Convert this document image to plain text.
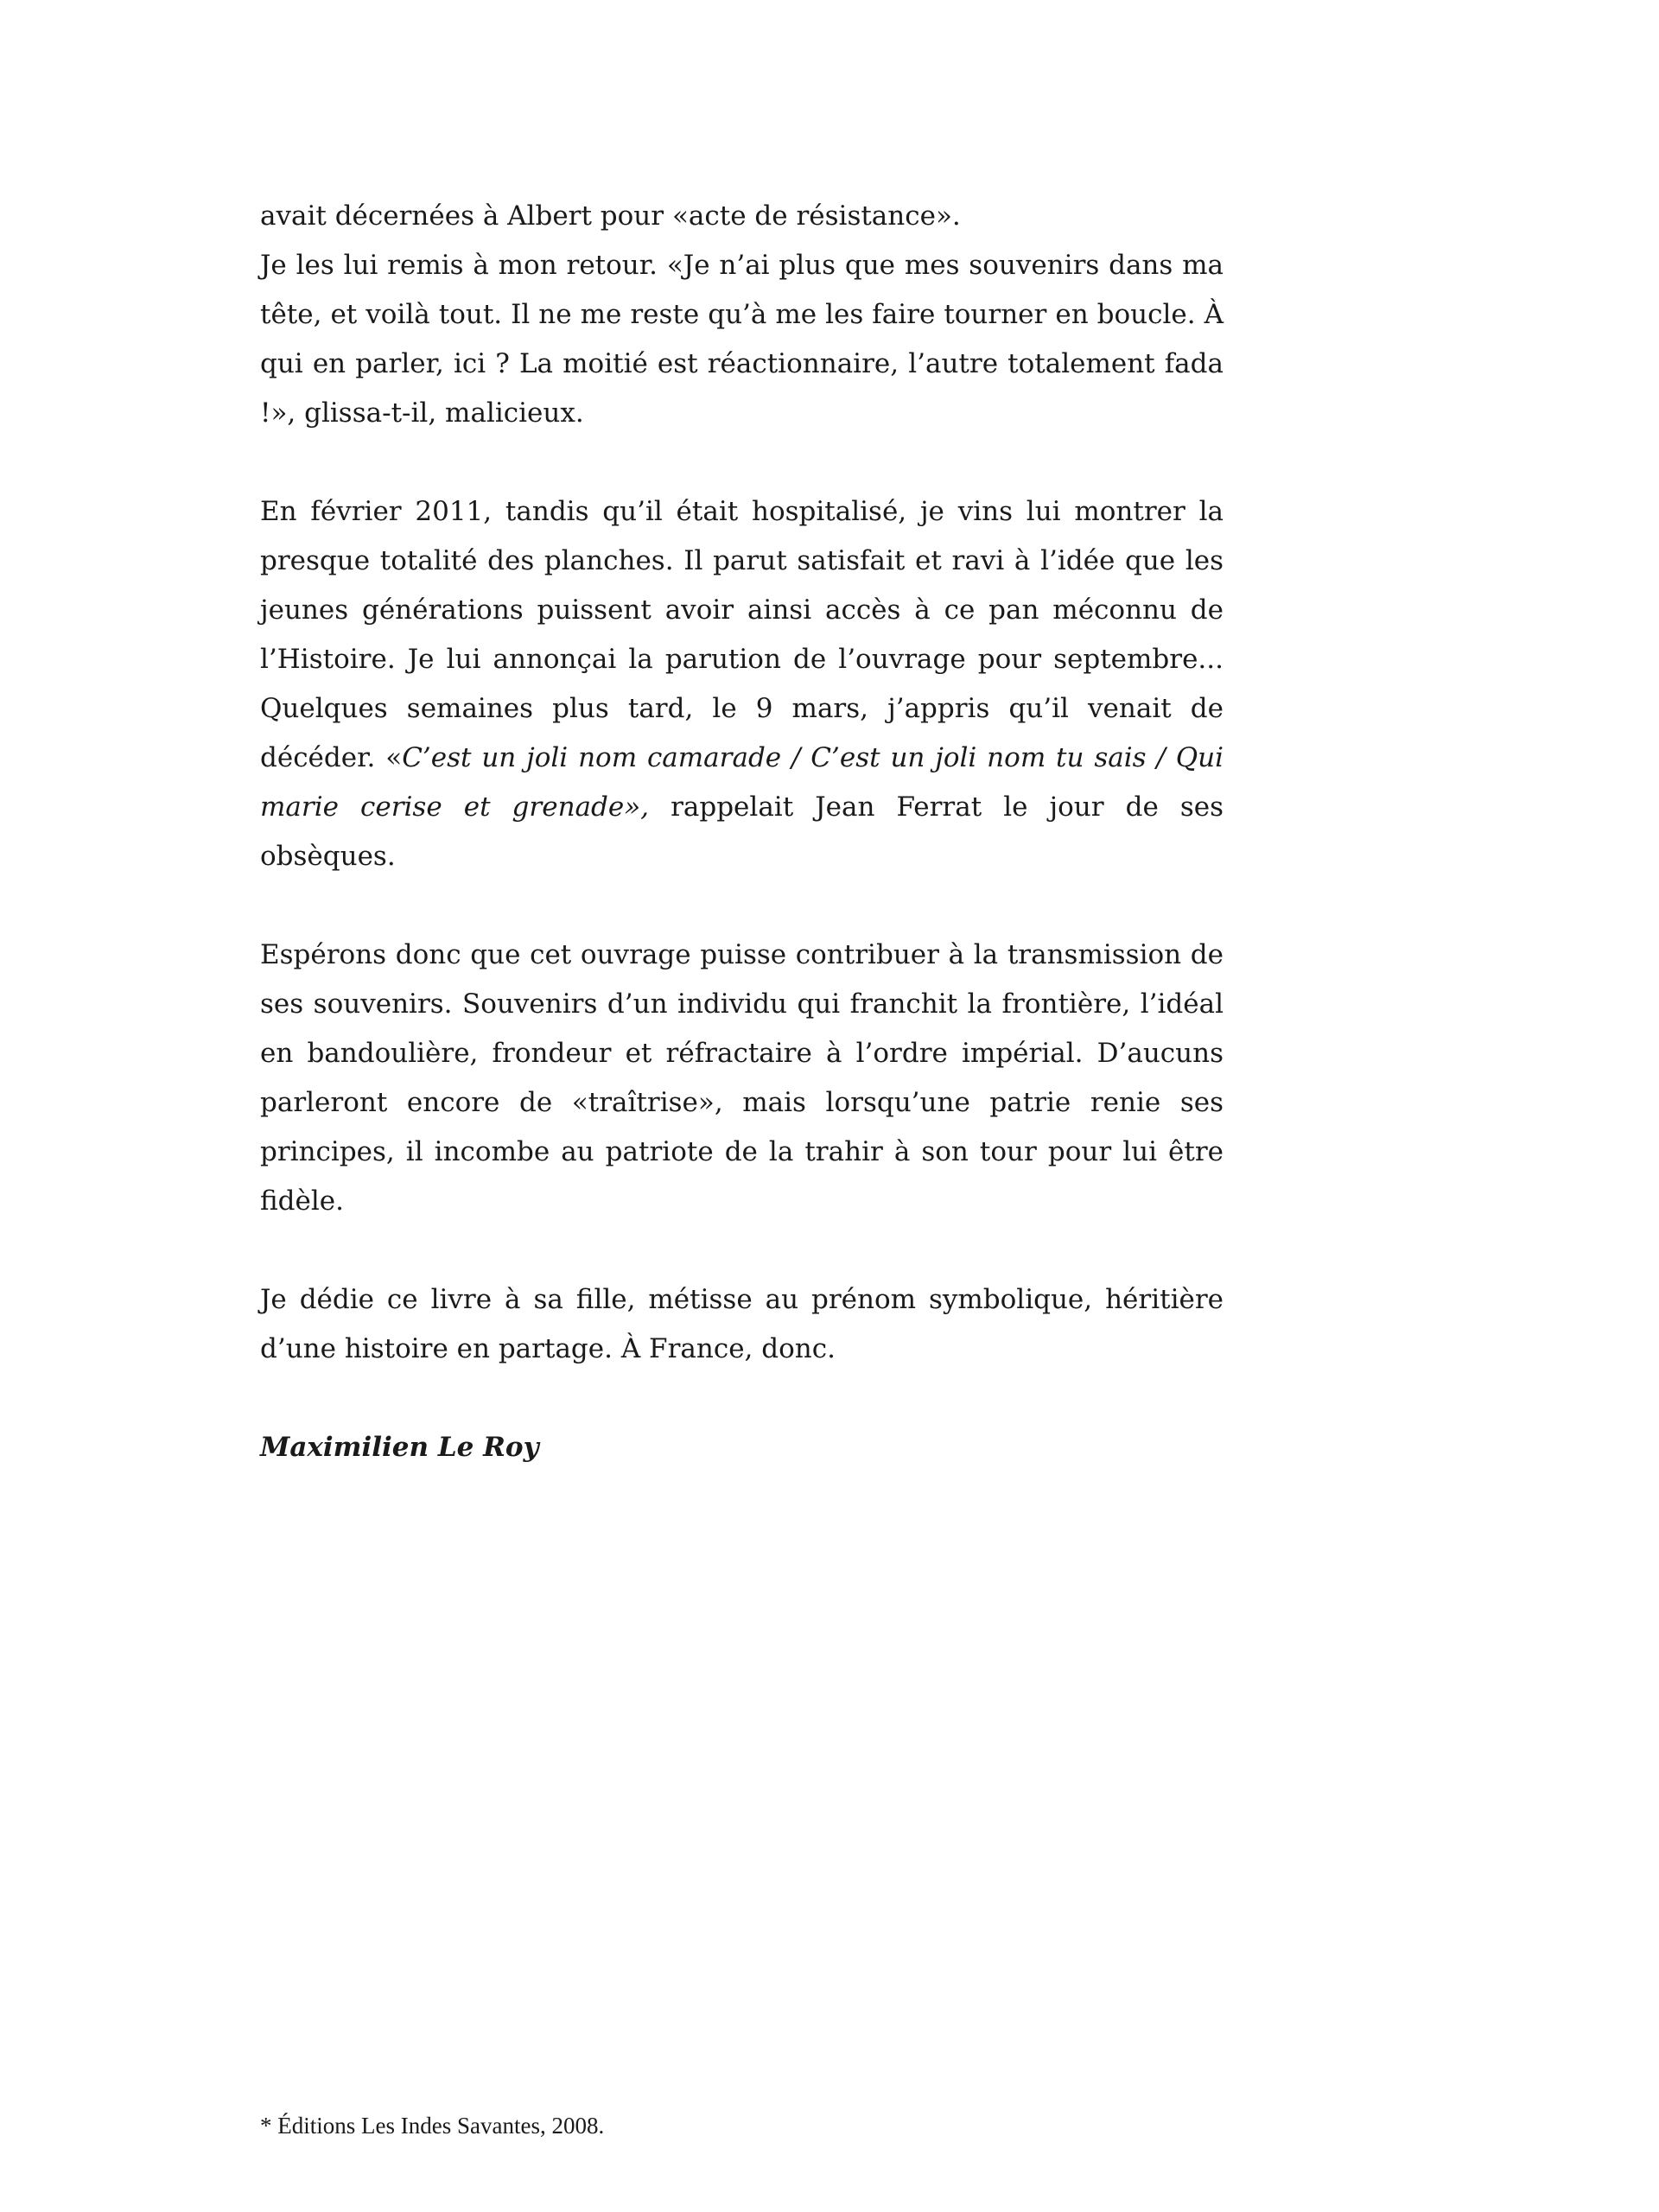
avait décernées à Albert pour «acte de résistance».

Je les lui remis à mon retour. «Je n’ai plus que mes souvenirs dans ma tête, et voilà tout. Il ne me reste qu’à me les faire tourner en boucle. À qui en parler, ici ? La moitié est réactionnaire, l’autre totalement fada !», glissa-t-il, malicieux.

En février 2011, tandis qu’il était hospitalisé, je vins lui montrer la presque totalité des planches. Il parut satisfait et ravi à l’idée que les jeunes générations puissent avoir ainsi accès à ce pan méconnu de l’Histoire. Je lui annonçai la parution de l’ouvrage pour septembre... Quelques semaines plus tard, le 9 mars, j’appris qu’il venait de décéder. «C’est un joli nom camarade / C’est un joli nom tu sais / Qui marie cerise et grenade», rappelait Jean Ferrat le jour de ses obsèques.

Espérons donc que cet ouvrage puisse contribuer à la transmission de ses souvenirs. Souvenirs d’un individu qui franchit la frontière, l’idéal en bandoulière, frondeur et réfractaire à l’ordre impérial. D’aucuns parleront encore de «traîtrise», mais lorsqu’une patrie renie ses principes, il incombe au patriote de la trahir à son tour pour lui être fidèle.

Je dédie ce livre à sa fille, métisse au prénom symbolique, héritière d’une histoire en partage. À France, donc.

Maximilien Le Roy

* Éditions Les Indes Savantes, 2008.
